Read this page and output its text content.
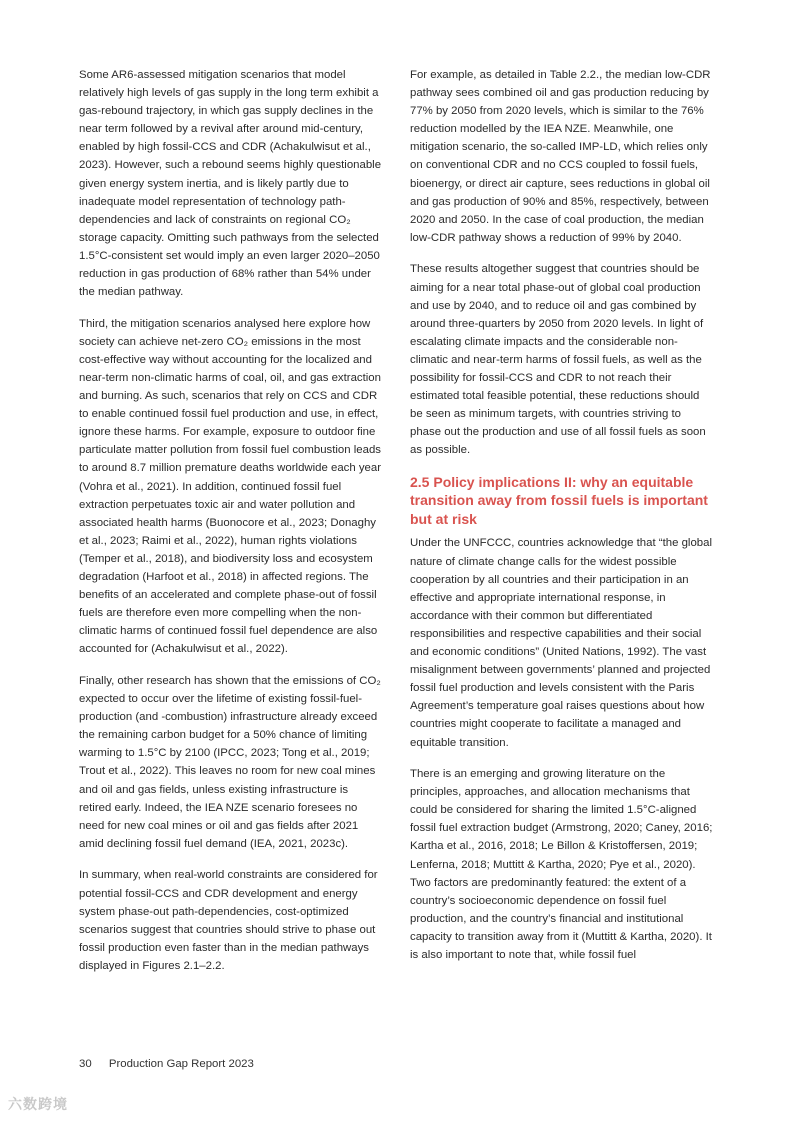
Some AR6-assessed mitigation scenarios that model relatively high levels of gas supply in the long term exhibit a gas-rebound trajectory, in which gas supply declines in the near term followed by a revival after around mid-century, enabled by high fossil-CCS and CDR (Achakulwisut et al., 2023). However, such a rebound seems highly questionable given energy system inertia, and is likely partly due to inadequate model representation of technology path-dependencies and lack of constraints on regional CO₂ storage capacity. Omitting such pathways from the selected 1.5°C-consistent set would imply an even larger 2020–2050 reduction in gas production of 68% rather than 54% under the median pathway.

Third, the mitigation scenarios analysed here explore how society can achieve net-zero CO₂ emissions in the most cost-effective way without accounting for the localized and near-term non-climatic harms of coal, oil, and gas extraction and burning. As such, scenarios that rely on CCS and CDR to enable continued fossil fuel production and use, in effect, ignore these harms. For example, exposure to outdoor fine particulate matter pollution from fossil fuel combustion leads to around 8.7 million premature deaths worldwide each year (Vohra et al., 2021). In addition, continued fossil fuel extraction perpetuates toxic air and water pollution and associated health harms (Buonocore et al., 2023; Donaghy et al., 2023; Raimi et al., 2022), human rights violations (Temper et al., 2018), and biodiversity loss and ecosystem degradation (Harfoot et al., 2018) in affected regions. The benefits of an accelerated and complete phase-out of fossil fuels are therefore even more compelling when the non-climatic harms of continued fossil fuel dependence are also accounted for (Achakulwisut et al., 2022).

Finally, other research has shown that the emissions of CO₂ expected to occur over the lifetime of existing fossil-fuel-production (and -combustion) infrastructure already exceed the remaining carbon budget for a 50% chance of limiting warming to 1.5°C by 2100 (IPCC, 2023; Tong et al., 2019; Trout et al., 2022). This leaves no room for new coal mines and oil and gas fields, unless existing infrastructure is retired early. Indeed, the IEA NZE scenario foresees no need for new coal mines or oil and gas fields after 2021 amid declining fossil fuel demand (IEA, 2021, 2023c).

In summary, when real-world constraints are considered for potential fossil-CCS and CDR development and energy system phase-out path-dependencies, cost-optimized scenarios suggest that countries should strive to phase out fossil production even faster than in the median pathways displayed in Figures 2.1–2.2.

For example, as detailed in Table 2.2., the median low-CDR pathway sees combined oil and gas production reducing by 77% by 2050 from 2020 levels, which is similar to the 76% reduction modelled by the IEA NZE. Meanwhile, one mitigation scenario, the so-called IMP-LD, which relies only on conventional CDR and no CCS coupled to fossil fuels, bioenergy, or direct air capture, sees reductions in global oil and gas production of 90% and 85%, respectively, between 2020 and 2050. In the case of coal production, the median low-CDR pathway shows a reduction of 99% by 2040.

These results altogether suggest that countries should be aiming for a near total phase-out of global coal production and use by 2040, and to reduce oil and gas combined by around three-quarters by 2050 from 2020 levels. In light of escalating climate impacts and the considerable non-climatic and near-term harms of fossil fuels, as well as the possibility for fossil-CCS and CDR to not reach their estimated total feasible potential, these reductions should be seen as minimum targets, with countries striving to phase out the production and use of all fossil fuels as soon as possible.

2.5 Policy implications II: why an equitable transition away from fossil fuels is important but at risk

Under the UNFCCC, countries acknowledge that “the global nature of climate change calls for the widest possible cooperation by all countries and their participation in an effective and appropriate international response, in accordance with their common but differentiated responsibilities and respective capabilities and their social and economic conditions” (United Nations, 1992). The vast misalignment between governments’ planned and projected fossil fuel production and levels consistent with the Paris Agreement’s temperature goal raises questions about how countries might cooperate to facilitate a managed and equitable transition.

There is an emerging and growing literature on the principles, approaches, and allocation mechanisms that could be considered for sharing the limited 1.5°C-aligned fossil fuel extraction budget (Armstrong, 2020; Caney, 2016; Kartha et al., 2016, 2018; Le Billon & Kristoffersen, 2019; Lenferna, 2018; Muttitt & Kartha, 2020; Pye et al., 2020). Two factors are predominantly featured: the extent of a country’s socioeconomic dependence on fossil fuel production, and the country’s financial and institutional capacity to transition away from it (Muttitt & Kartha, 2020). It is also important to note that, while fossil fuel

30 Production Gap Report 2023
六数跨境
